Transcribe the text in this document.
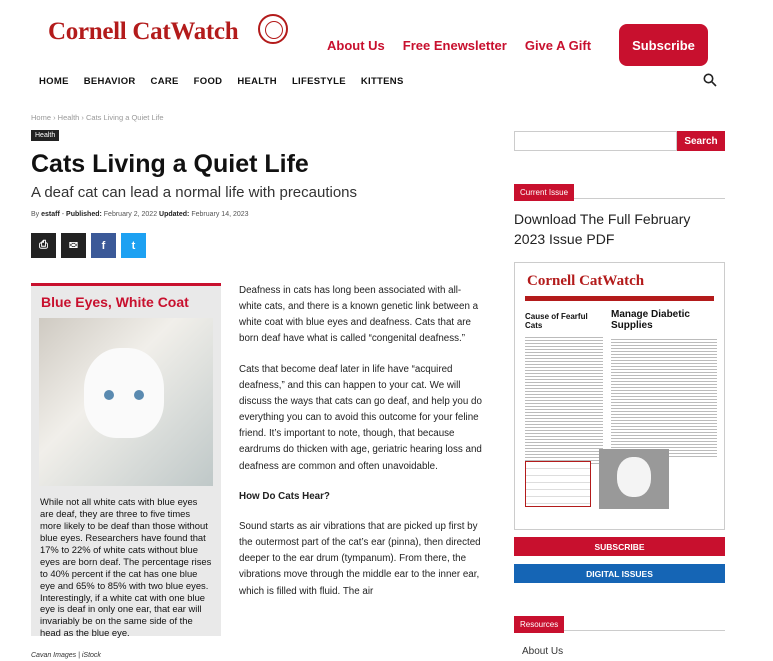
Cornell CatWatch
About Us Free Enewsletter Give A Gift	Subscribe
HOME BEHAVIOR CARE FOOD HEALTH LIFESTYLE KITTENS
Home › Health › Cats Living a Quiet Life
Health
Cats Living a Quiet Life
A deaf cat can lead a normal life with precautions
By estaff - Published: February 2, 2022 Updated: February 14, 2023
⎙	✉	f	t
Blue Eyes, White Coat
While not all white cats with blue eyes are deaf, they are three to five times more likely to be deaf than those without blue eyes. Researchers have found that 17% to 22% of white cats without blue eyes are born deaf. The percentage rises to 40% percent if the cat has one blue eye and 65% to 85% with two blue eyes. Interestingly, if a white cat with one blue eye is deaf in only one ear, that ear will invariably be on the same side of the head as the blue eye.
Cavan Images | iStock

Deafness in cats has long been associated with all-white cats, and there is a known genetic link between a white coat with blue eyes and deafness. Cats that are born deaf have what is called “congenital deafness.”

Cats that become deaf later in life have “acquired deafness,” and this can happen to your cat. We will discuss the ways that cats can go deaf, and help you do everything you can to avoid this outcome for your feline friend. It’s important to note, though, that because eardrums do thicken with age, geriatric hearing loss and deafness are common and often unavoidable.

How Do Cats Hear?

Sound starts as air vibrations that are picked up first by the outermost part of the cat’s ear (pinna), then directed deeper to the ear drum (tympanum). From there, the vibrations move through the middle ear to the inner ear, which is filled with fluid. The air

Search
Current Issue
Download The Full February 2023 Issue PDF
Cornell CatWatch
Cause of Fearful Cats
Manage Diabetic Supplies
SUBSCRIBE
DIGITAL ISSUES
Resources
About Us
